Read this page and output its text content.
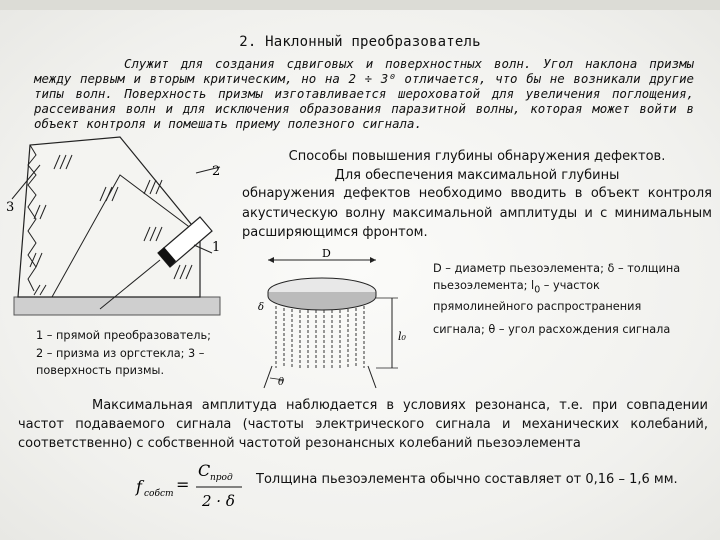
2. Наклонный преобразователь
Служит для создания сдвиговых и поверхностных волн. Угол наклона призмы между первым и вторым критическим, но на 2 ÷ 3⁰ отличается, что бы не возникали другие типы волн. Поверхность призмы изготавливается шероховатой для увеличения поглощения, рассеивания волн и для исключения образования паразитной волны, которая может войти в объект контроля и помешать приему полезного сигнала.
2
1
3
1 – прямой преобразователь;
2 – призма из оргстекла; 3 –
поверхность призмы.
Способы повышения глубины обнаружения дефектов.
Для обеспечения максимальной глубины
обнаружения дефектов необходимо вводить в объект контроля акустическую волну максимальной амплитуды и с минимальным расширяющимся фронтом.
D
l₀
δ
θ
D – диаметр пьезоэлемента; δ – толщина пьезоэлемента; $l_0$ – участок прямолинейного распространения
сигнала; θ – угол расхождения сигнала
Максимальная амплитуда наблюдается в условиях резонанса, т.е. при совпадении частот подаваемого сигнала (частоты электрического сигнала и механических колебаний, соответственно) с собственной частотой резонансных колебаний пьезоэлемента
f собст =
C прод
2 · δ
Толщина пьезоэлемента обычно составляет от 0,16 – 1,6 мм.
